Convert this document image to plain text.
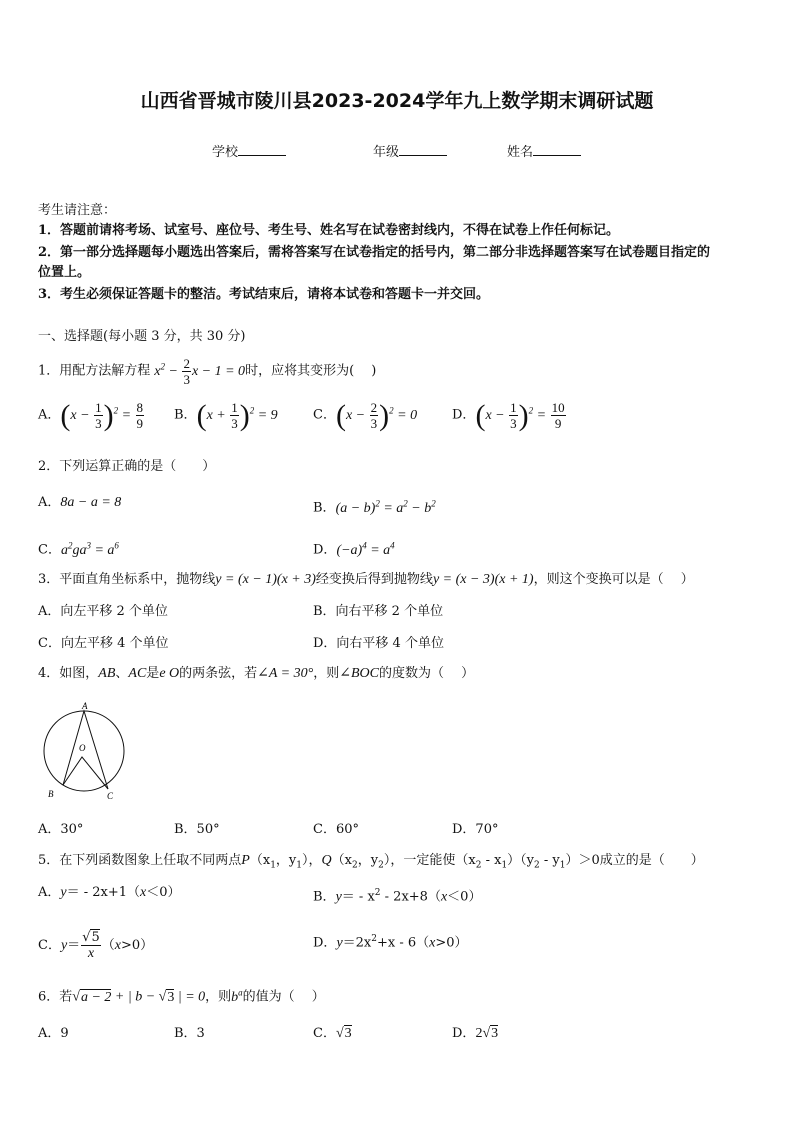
山西省晋城市陵川县2023-2024学年九上数学期末调研试题
学校	年级	姓名
考生请注意：
1．答题前请将考场、试室号、座位号、考生号、姓名写在试卷密封线内，不得在试卷上作任何标记。
2．第一部分选择题每小题选出答案后，需将答案写在试卷指定的括号内，第二部分非选择题答案写在试卷题目指定的
位置上。
3．考生必须保证答题卡的整洁。考试结束后，请将本试卷和答题卡一并交回。
一、选择题(每小题 3 分，共 30 分)
1．用配方法解方程 $x^2 - \frac{2}{3}$ x − 1 = 0时，应将其变形为(　 )
A．$(x - \frac{1}{3} )^2 = \frac{8}{9}$ B．$(x + \frac{1}{3} )^2 = 9$	C．$(x - \frac{2}{3} )^2 = 0$	D．$(x - \frac{1}{3} )^2 = \frac{10}{9}$
2．下列运算正确的是（　　）
A．8a − a = 8	B．$(a - b)^2 = a^2 - b^2$
C．$a^2ga^3 = a^6$	D．$(-a)^4 = a^4$
3．平面直角坐标系中，抛物线y = (x − 1)(x + 3)经变换后得到抛物线y = (x − 3)(x + 1)，则这个变换可以是（　 ）
A．向左平移 2 个单位	B．向右平移 2 个单位
C．向左平移 4 个单位	D．向右平移 4 个单位
4．如图，AB、AC是e O的两条弦，若∠A = 30°，则∠BOC的度数为（　 ）
A
O
B	C
A．30°	B．50°	C．60°	D．70°
5．在下列函数图象上任取不同两点$P(x_1$，$y_1$），$Q(x_2$，$y_2$），一定能使$(x_2 - x_1)(y_2 - y_1)>0$成立的是（　　）
A．y＝ - 2x+1（x＜0）	B．$y= - x^2 - 2x+8(x<0)$
C．$y= \frac{√5}{x} (x>0)$	D．$y=2x^2+x - 6(x>0)$
6．若√a − 2 + | b − √3 | = 0，则$b^a$的值为（　 ）
A．9	B．3	C．√3	D．2√3
